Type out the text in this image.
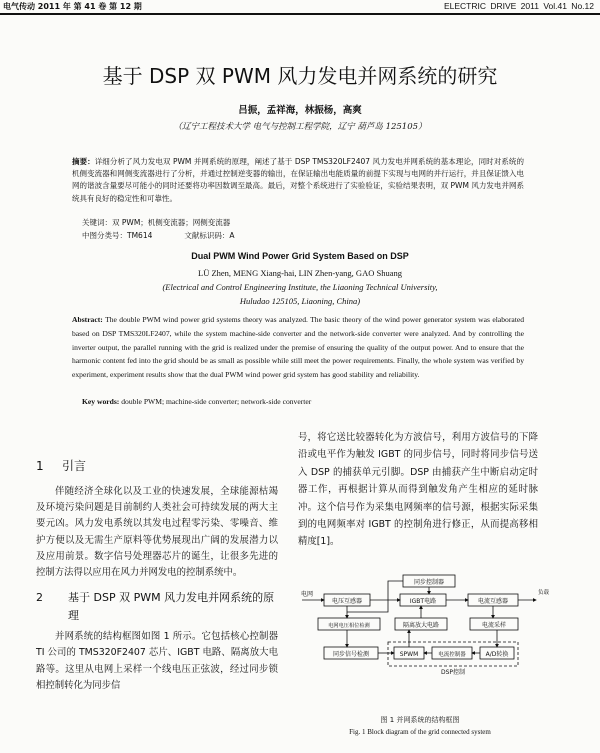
电气传动 2011 年 第 41 卷 第 12 期	ELECTRIC DRIVE 2011 Vol.41 No.12
基于 DSP 双 PWM 风力发电并网系统的研究
吕振，孟祥海，林振杨，高爽
（辽宁工程技术大学 电气与控制工程学院，辽宁 葫芦岛 125105）
摘要：详细分析了风力发电双 PWM 并网系统的原理，阐述了基于 DSP TMS320LF2407 风力发电并网系统的基本理论，同时对系统的机侧变流器和网侧变流器进行了分析，并通过控制逆变器的输出，在保证输出电能质量的前提下实现与电网的并行运行，并且保证馈入电网的谐波含量要尽可能小的同时还要将功率因数调至最高。最后，对整个系统进行了实验验证，实验结果表明，双 PWM 风力发电并网系统具有良好的稳定性和可靠性。
关键词：双 PWM；机侧变流器；网侧变流器
中图分类号：TM614	文献标识码：A
Dual PWM Wind Power Grid System Based on DSP
LÜ Zhen, MENG Xiang-hai, LIN Zhen-yang, GAO Shuang
(Electrical and Control Engineering Institute, the Liaoning Technical University,
Huludao 125105, Liaoning, China)
Abstract: The double PWM wind power grid systems theory was analyzed. The basic theory of the wind power generator system was elaborated based on DSP TMS320LF2407, while the system machine-side converter and the network-side converter were analyzed. And by controlling the inverter output, the parallel running with the grid is realized under the premise of ensuring the quality of the output power. And to ensure that the harmonic content fed into the grid should be as small as possible while still meet the power requirements. Finally, the whole system was verified by experiment, experiment results show that the dual PWM wind power grid system has good stability and reliability.
Key words: double PWM; machine-side converter; network-side converter
1 引言

伴随经济全球化以及工业的快速发展，全球能源枯竭及环境污染问题是目前制约人类社会可持续发展的两大主要元凶。风力发电系统以其发电过程零污染、零噪音、维护方便以及无需生产原料等优势展现出广阔的发展潜力以及应用前景。数字信号处理器芯片的诞生，让很多先进的控制方法得以应用在风力并网发电的控制系统中。

2 基于 DSP 双 PWM 风力发电并网系统的原理

并网系统的结构框图如图 1 所示。它包括核心控制器 TI 公司的 TMS320F2407 芯片、IGBT 电路、隔离放大电路等。这里从电网上采样一个线电压正弦波，经过同步锁相控制转化为同步信

号，将它送比较器转化为方波信号，利用方波信号的下降沿或电平作为触发 IGBT 的同步信号，同时将同步信号送入 DSP 的捕获单元引脚。DSP 由捕获产生中断启动定时器工作，再根据计算从而得到触发角产生相应的延时脉冲。这个信号作为采集电网频率的信号源，根据实际采集到的电网频率对 IGBT 的控制角进行修正，从而提高移相精度[1]。

电网
同步控制器
电压互感器	IGBT电路	电流互感器
电网电压相位检测	隔离放大电路	电流采样
同步信号检测	SPWM	电流控制器	A/D转换
DSP控制
负载
图 1 并网系统的结构框图
Fig. 1 Block diagram of the grid connected system
